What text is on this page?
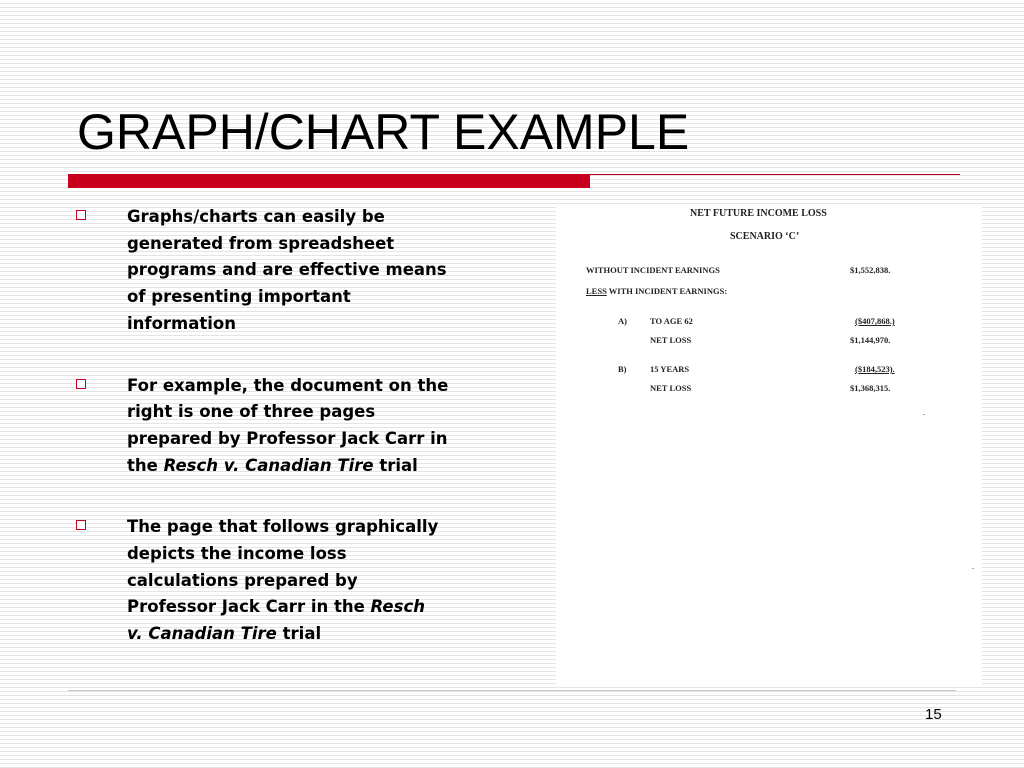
GRAPH/CHART EXAMPLE
Graphs/charts can easily be
generated from spreadsheet
programs and are effective means
of presenting important
information
For example, the document on the
right is one of three pages
prepared by Professor Jack Carr in
the Resch v. Canadian Tire trial
The page that follows graphically
depicts the income loss
calculations prepared by
Professor Jack Carr in the Resch
v. Canadian Tire trial
NET FUTURE INCOME LOSS
SCENARIO ‘C’
WITHOUT INCIDENT EARNINGS	$1,552,838.
LESS WITH INCIDENT EARNINGS:
A)	TO AGE 62	($407,868.)
NET LOSS	$1,144,970.
B)	15 YEARS	($184,523).
NET LOSS	$1,368,315.
15
